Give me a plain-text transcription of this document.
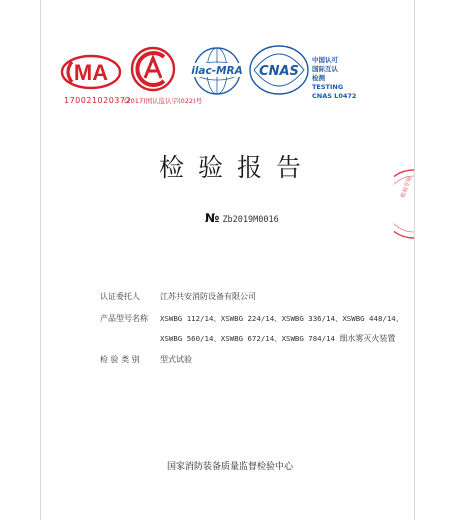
MA
170021020372
(2017)国认监认字(022)号
ilac-MRA CNAS
中国认可
国际互认
检测
TESTING
CNAS L0472
检验报告
№ Zb2019M0016
认证委托人	江苏共安消防设备有限公司
产品型号名称 XSWBG 112/14、XSWBG 224/14、XSWBG 336/14、XSWBG 448/14、
XSWBG 560/14、XSWBG 672/14、XSWBG 784/14 细水雾灭火装置
检 验 类 别	型式试验
国家消防装备质量监督检验中心
检验专用
